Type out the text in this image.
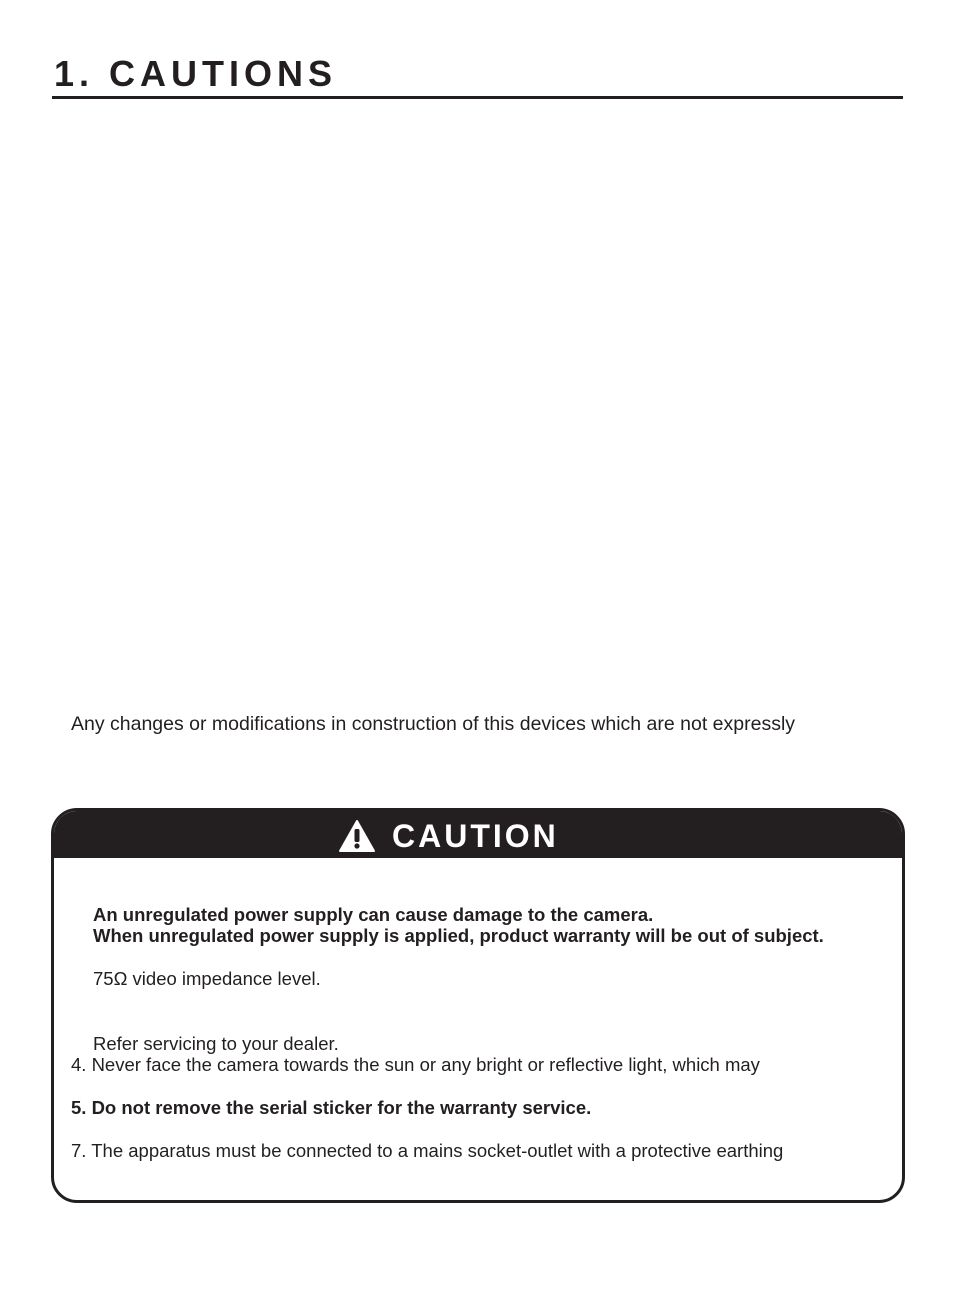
1. CAUTIONS
Any changes or modifications in construction of this devices which are not expressly
CAUTION
An unregulated power supply can cause damage to the camera.
When unregulated power supply is applied, product warranty will be out of subject.
75Ω video impedance level.
Refer servicing to your dealer.
4. Never face the camera towards the sun or any bright or reflective light, which may
5. Do not remove the serial sticker for the warranty service.
7. The apparatus must be connected to a mains socket-outlet with a protective earthing
